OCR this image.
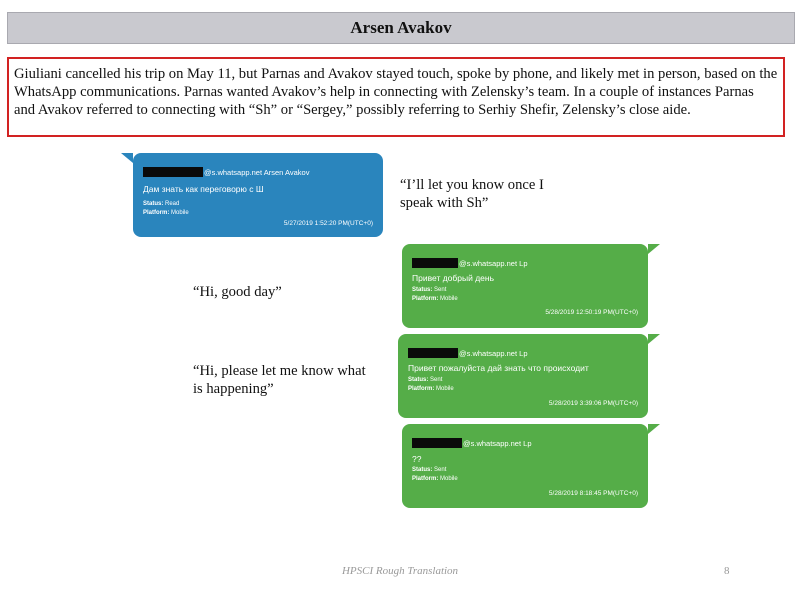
Arsen Avakov
Giuliani cancelled his trip on May 11, but Parnas and Avakov stayed touch, spoke by phone, and likely met in person, based on the WhatsApp communications. Parnas wanted Avakov’s help in connecting with Zelensky’s team. In a couple of instances Parnas and Avakov referred to connecting with “Sh” or “Sergey,” possibly referring to Serhiy Shefir, Zelensky’s close aide.
@s.whatsapp.net Arsen Avakov
Дам знать как переговорю с Ш
Status: Read
Platform: Mobile
5/27/2019 1:52:20 PM(UTC+0)
“I’ll let you know once I
speak with Sh”
@s.whatsapp.net Lp
Привет добрый день
Status: Sent
Platform: Mobile
5/28/2019 12:50:19 PM(UTC+0)
“Hi, good day”
@s.whatsapp.net Lp
Привет пожалуйста дай знать что происходит
Status: Sent
Platform: Mobile
5/28/2019 3:39:06 PM(UTC+0)
“Hi, please let me know what
is happening”
@s.whatsapp.net Lp
??
Status: Sent
Platform: Mobile
5/28/2019 8:18:45 PM(UTC+0)
HPSCI Rough Translation	8
